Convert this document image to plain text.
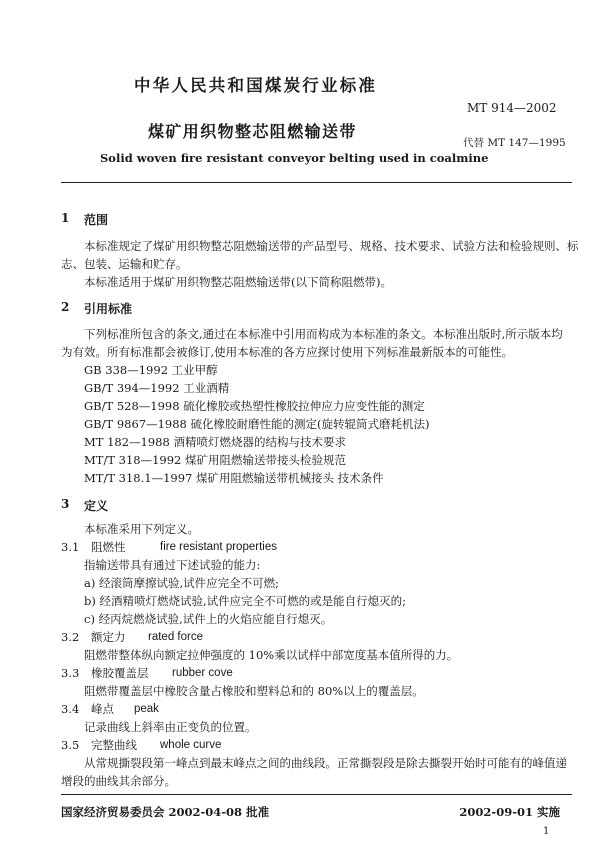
中华人民共和国煤炭行业标准
MT 914—2002
煤矿用织物整芯阻燃输送带
代替 MT 147—1995
Solid woven fire resistant conveyor belting used in coalmine
1 范围
本标准规定了煤矿用织物整芯阻燃输送带的产品型号、规格、技术要求、试验方法和检验规则、标
志、包装、运输和贮存。
本标准适用于煤矿用织物整芯阻燃输送带(以下简称阻燃带)。
2 引用标准
下列标准所包含的条文,通过在本标准中引用而构成为本标准的条文。本标准出版时,所示版本均
为有效。所有标准都会被修订,使用本标准的各方应探讨使用下列标准最新版本的可能性。
GB 338—1992 工业甲醇
GB/T 394—1992 工业酒精
GB/T 528—1998 硫化橡胶或热塑性橡胶拉伸应力应变性能的测定
GB/T 9867—1988 硫化橡胶耐磨性能的测定(旋转辊筒式磨耗机法)
MT 182—1988 酒精喷灯燃烧器的结构与技术要求
MT/T 318—1992 煤矿用阻燃输送带接头检验规范
MT/T 318.1—1997 煤矿用阻燃输送带机械接头 技术条件
3 定义
本标准采用下列定义。
3.1 阻燃性	fire resistant properties
指输送带具有通过下述试验的能力:
a) 经滚筒摩擦试验,试件应完全不可燃;
b) 经酒精喷灯燃烧试验,试件应完全不可燃的或是能自行熄灭的;
c) 经丙烷燃烧试验,试件上的火焰应能自行熄灭。
3.2 额定力 rated force
阻燃带整体纵向额定拉伸强度的 10%乘以试样中部宽度基本值所得的力。
3.3 橡胶覆盖层 rubber cove
阻燃带覆盖层中橡胶含量占橡胶和塑料总和的 80%以上的覆盖层。
3.4 峰点 peak
记录曲线上斜率由正变负的位置。
3.5 完整曲线 whole curve
从常规撕裂段第一峰点到最末峰点之间的曲线段。正常撕裂段是除去撕裂开始时可能有的峰值递
增段的曲线其余部分。
国家经济贸易委员会 2002-04-08 批准	2002-09-01 实施
1
